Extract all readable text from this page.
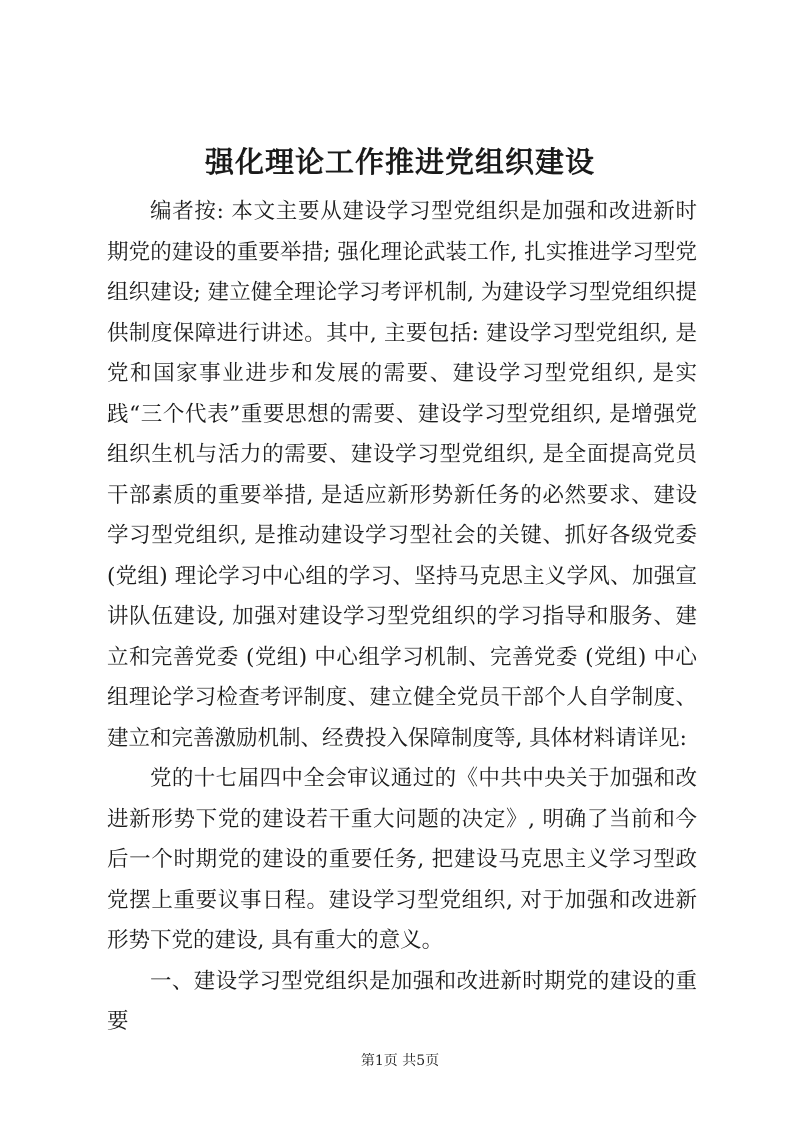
强化理论工作推进党组织建设

编者按: 本文主要从建设学习型党组织是加强和改进新时期党的建设的重要举措; 强化理论武装工作, 扎实推进学习型党组织建设; 建立健全理论学习考评机制, 为建设学习型党组织提供制度保障进行讲述。其中, 主要包括: 建设学习型党组织, 是党和国家事业进步和发展的需要、建设学习型党组织, 是实践“三个代表”重要思想的需要、建设学习型党组织, 是增强党组织生机与活力的需要、建设学习型党组织, 是全面提高党员干部素质的重要举措, 是适应新形势新任务的必然要求、建设学习型党组织, 是推动建设学习型社会的关键、抓好各级党委 (党组) 理论学习中心组的学习、坚持马克思主义学风、加强宣讲队伍建设, 加强对建设学习型党组织的学习指导和服务、建立和完善党委 (党组) 中心组学习机制、完善党委 (党组) 中心组理论学习检查考评制度、建立健全党员干部个人自学制度、建立和完善激励机制、经费投入保障制度等, 具体材料请详见:

党的十七届四中全会审议通过的《中共中央关于加强和改进新形势下党的建设若干重大问题的决定》, 明确了当前和今后一个时期党的建设的重要任务, 把建设马克思主义学习型政党摆上重要议事日程。建设学习型党组织, 对于加强和改进新形势下党的建设, 具有重大的意义。

一、建设学习型党组织是加强和改进新时期党的建设的重要

第1页 共5页
